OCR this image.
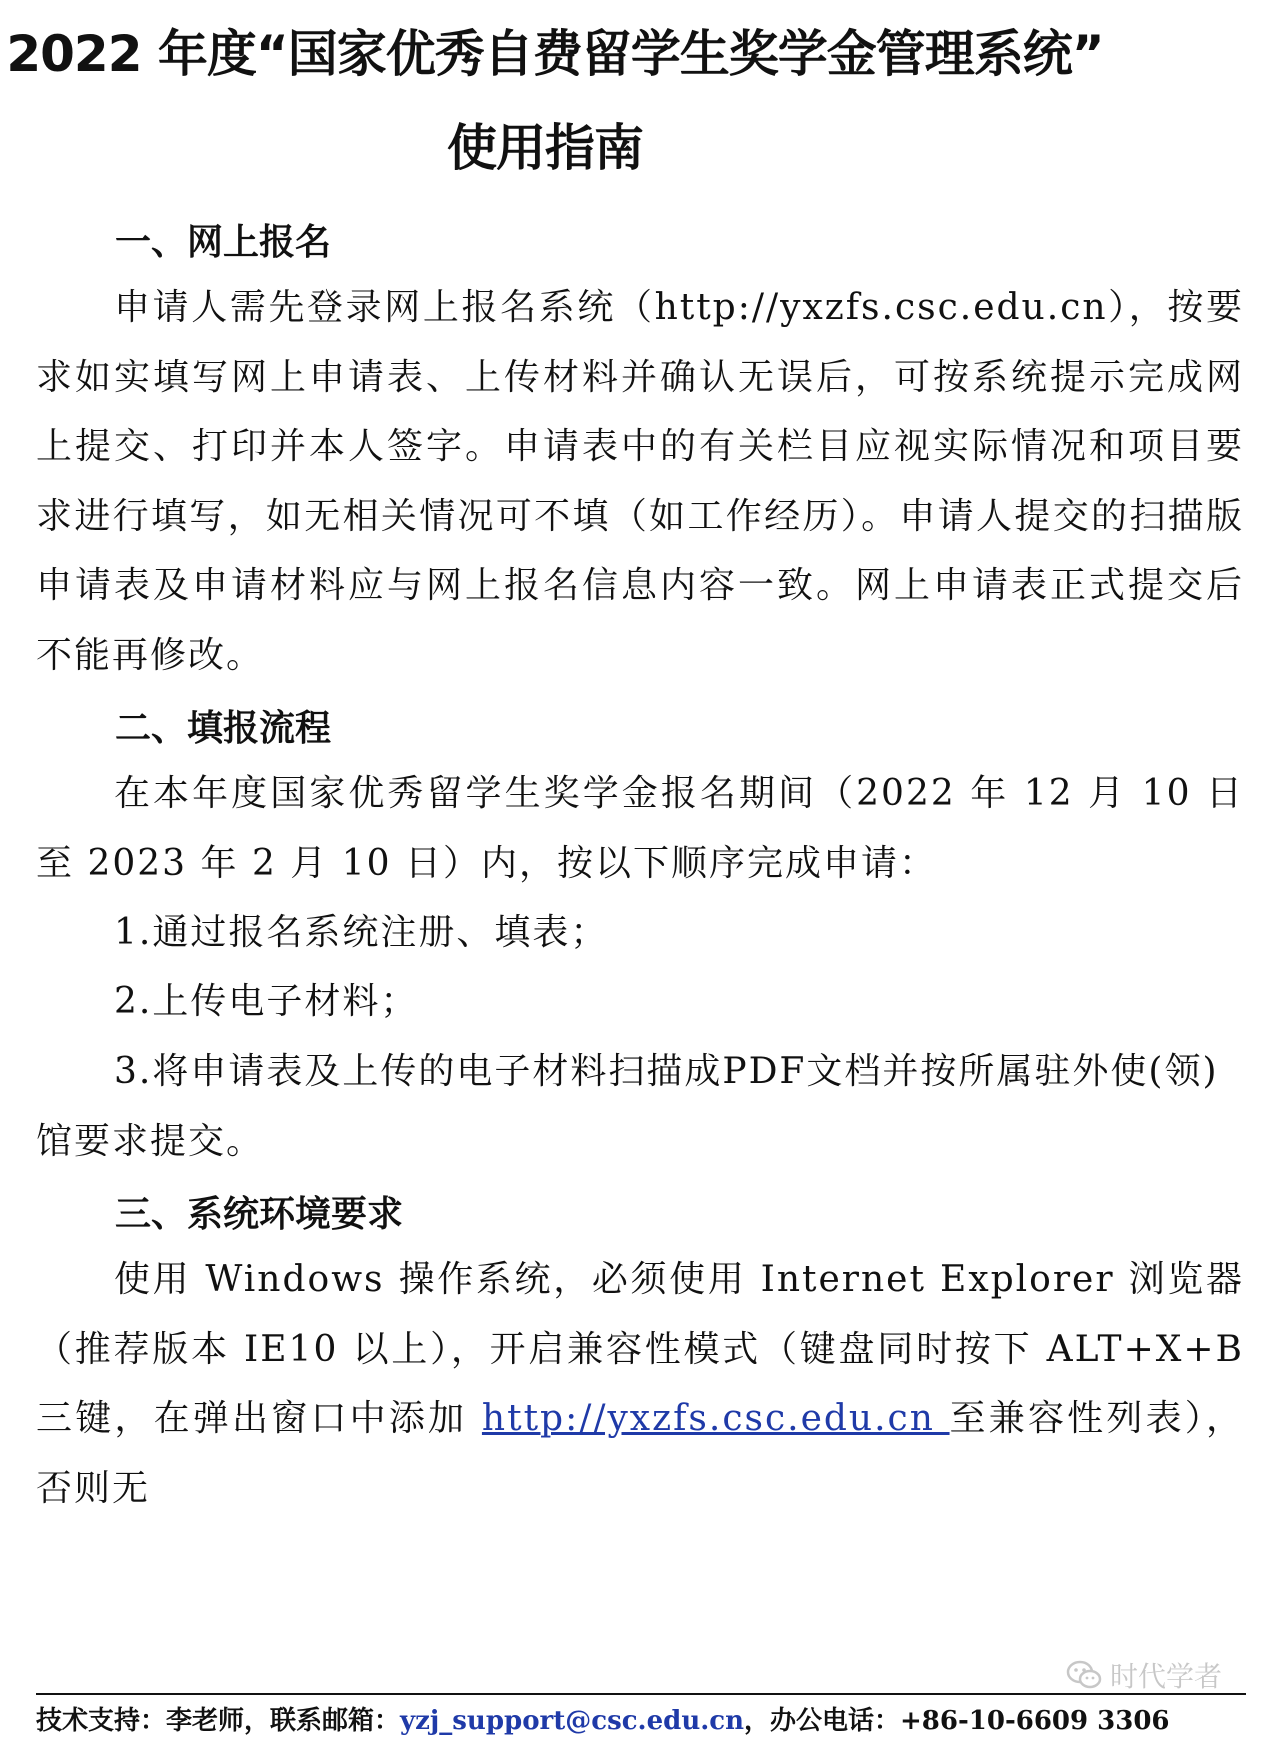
2022 年度“国家优秀自费留学生奖学金管理系统”
使用指南
一、网上报名
申请人需先登录网上报名系统（http://yxzfs.csc.edu.cn），按要求如实填写网上申请表、上传材料并确认无误后，可按系统提示完成网上提交、打印并本人签字。申请表中的有关栏目应视实际情况和项目要求进行填写，如无相关情况可不填（如工作经历）。申请人提交的扫描版申请表及申请材料应与网上报名信息内容一致。网上申请表正式提交后不能再修改。
二、填报流程
在本年度国家优秀留学生奖学金报名期间（2022 年 12 月 10 日至 2023 年 2 月 10 日）内，按以下顺序完成申请：
1.通过报名系统注册、填表；
2.上传电子材料；
3.将申请表及上传的电子材料扫描成PDF文档并按所属驻外使(领)馆要求提交。
三、系统环境要求
使用 Windows 操作系统，必须使用 Internet Explorer 浏览器（推荐版本 IE10 以上），开启兼容性模式（键盘同时按下 ALT+X+B 三键，在弹出窗口中添加 http://yxzfs.csc.edu.cn 至兼容性列表），否则无
时代学者
技术支持：李老师，联系邮箱：yzj_support@csc.edu.cn，办公电话：+86-10-6609 3306
